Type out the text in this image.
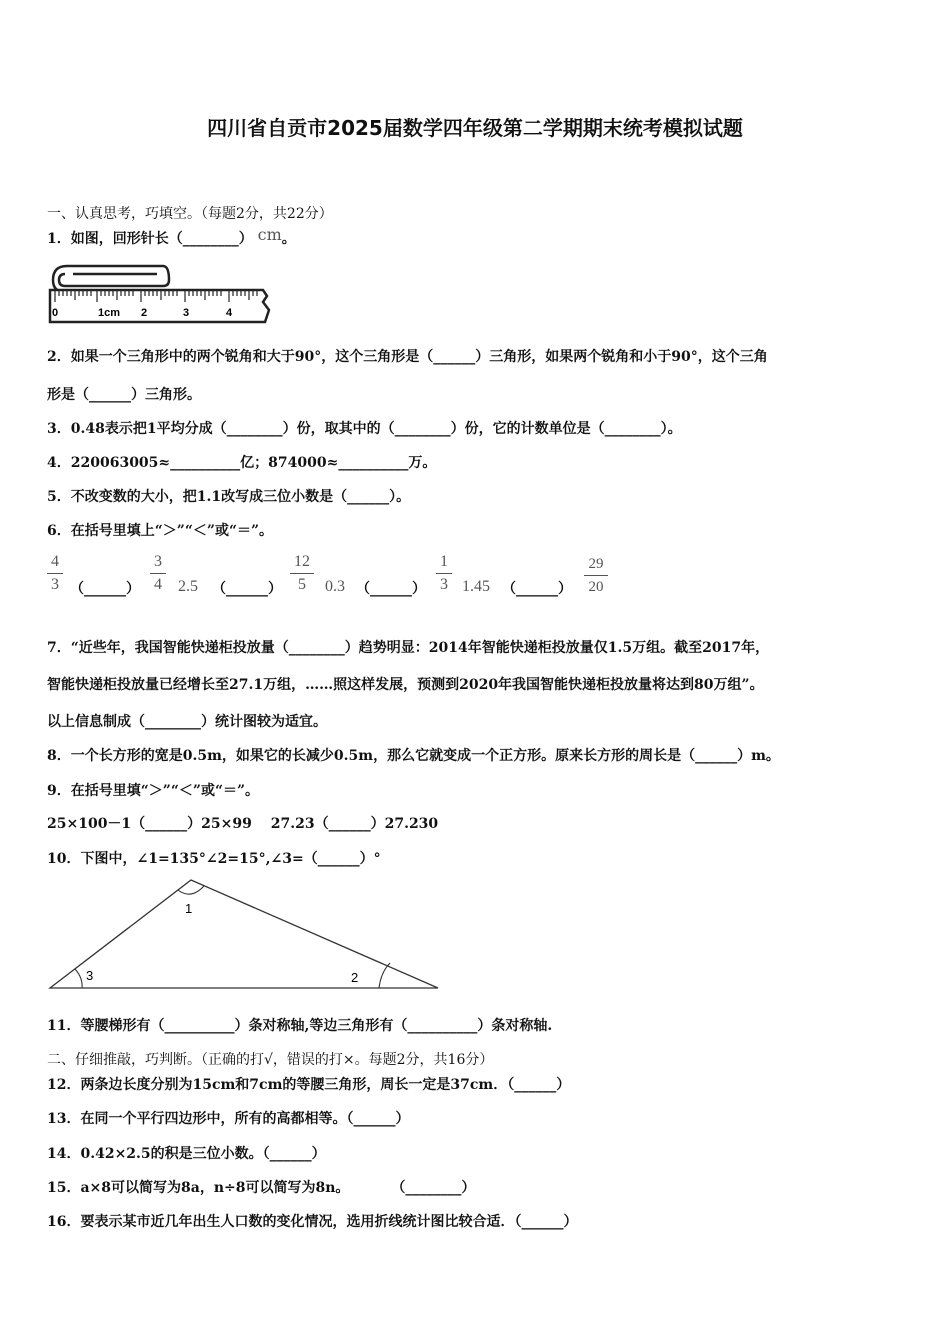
四川省自贡市2025届数学四年级第二学期期末统考模拟试题
一、认真思考，巧填空。（每题2分，共22分）
1．如图，回形针长（________） cm。
0	1cm 2	3	4
2．如果一个三角形中的两个锐角和大于90°，这个三角形是（______）三角形，如果两个锐角和小于90°，这个三角
形是（______）三角形。
3．0.48表示把1平均分成（________）份，取其中的（________）份，它的计数单位是（________）。
4．220063005≈__________亿；874000≈__________万。
5．不改变数的大小，把1.1改写成三位小数是（______）。
6．在括号里填上“＞”“＜”或“＝”。
4
3 （______）
3
4 2.5 （______）
12
5	0.3 （______）
1
3 1.45 （______）
29
20
7．“近些年，我国智能快递柜投放量（________）趋势明显：2014年智能快递柜投放量仅1.5万组。截至2017年，
智能快递柜投放量已经增长至27.1万组，……照这样发展，预测到2020年我国智能快递柜投放量将达到80万组”。
以上信息制成（________）统计图较为适宜。
8．一个长方形的宽是0.5m，如果它的长减少0.5m，那么它就变成一个正方形。原来长方形的周长是（______）m。
9．在括号里填“＞”“＜”或“＝”。
25×100－1（______）25×99　 27.23（______）27.230
10．下图中，∠1=135°∠2=15°,∠3=（______）°
1
2
3
11．等腰梯形有（__________）条对称轴,等边三角形有（__________）条对称轴.
二、仔细推敲，巧判断。（正确的打√，错误的打×。每题2分，共16分）
12．两条边长度分别为15cm和7cm的等腰三角形，周长一定是37cm．（______）
13．在同一个平行四边形中，所有的高都相等。（______）
14．0.42×2.5的积是三位小数。（______）
15．a×8可以简写为8a，n÷8可以简写为8n。　　　　（________）
16．要表示某市近几年出生人口数的变化情况，选用折线统计图比较合适．（______）
